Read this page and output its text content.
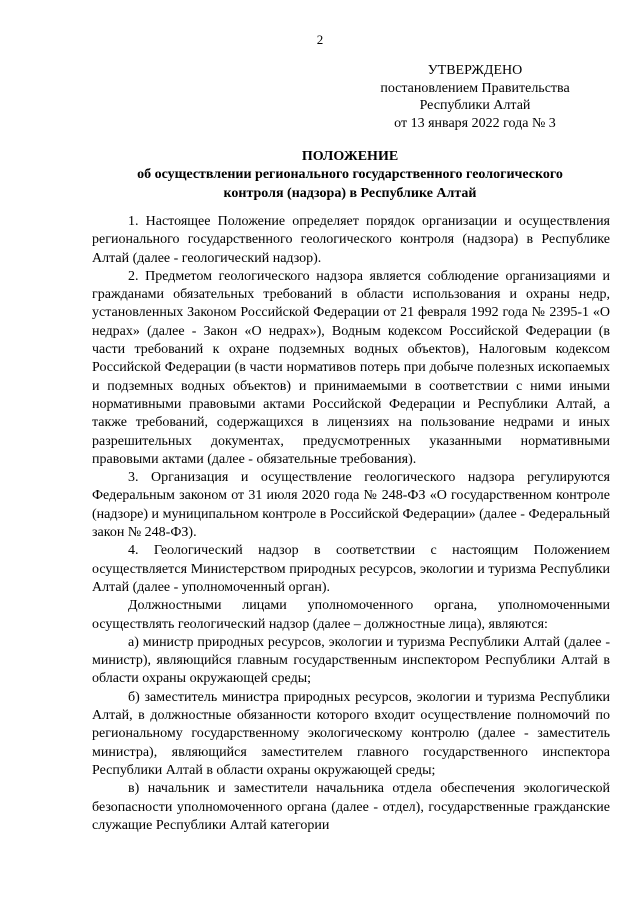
2
УТВЕРЖДЕНО
постановлением Правительства
Республики Алтай
от 13 января 2022 года № 3
ПОЛОЖЕНИЕ
об осуществлении регионального государственного геологического
контроля (надзора) в Республике Алтай

1. Настоящее Положение определяет порядок организации и осуществления регионального государственного геологического контроля (надзора) в Республике Алтай (далее - геологический надзор).

2. Предметом геологического надзора является соблюдение организациями и гражданами обязательных требований в области использования и охраны недр, установленных Законом Российской Федерации от 21 февраля 1992 года № 2395-1 «О недрах» (далее - Закон «О недрах»), Водным кодексом Российской Федерации (в части требований к охране подземных водных объектов), Налоговым кодексом Российской Федерации (в части нормативов потерь при добыче полезных ископаемых и подземных водных объектов) и принимаемыми в соответствии с ними иными нормативными правовыми актами Российской Федерации и Республики Алтай, а также требований, содержащихся в лицензиях на пользование недрами и иных разрешительных документах, предусмотренных указанными нормативными правовыми актами (далее - обязательные требования).

3. Организация и осуществление геологического надзора регулируются Федеральным законом от 31 июля 2020 года № 248-ФЗ «О государственном контроле (надзоре) и муниципальном контроле в Российской Федерации» (далее - Федеральный закон № 248-ФЗ).

4. Геологический надзор в соответствии с настоящим Положением осуществляется Министерством природных ресурсов, экологии и туризма Республики Алтай (далее - уполномоченный орган).

Должностными лицами уполномоченного органа, уполномоченными осуществлять геологический надзор (далее – должностные лица), являются:

а) министр природных ресурсов, экологии и туризма Республики Алтай (далее - министр), являющийся главным государственным инспектором Республики Алтай в области охраны окружающей среды;

б) заместитель министра природных ресурсов, экологии и туризма Республики Алтай, в должностные обязанности которого входит осуществление полномочий по региональному государственному экологическому контролю (далее - заместитель министра), являющийся заместителем главного государственного инспектора Республики Алтай в области охраны окружающей среды;

в) начальник и заместители начальника отдела обеспечения экологической безопасности уполномоченного органа (далее - отдел), государственные гражданские служащие Республики Алтай категории
